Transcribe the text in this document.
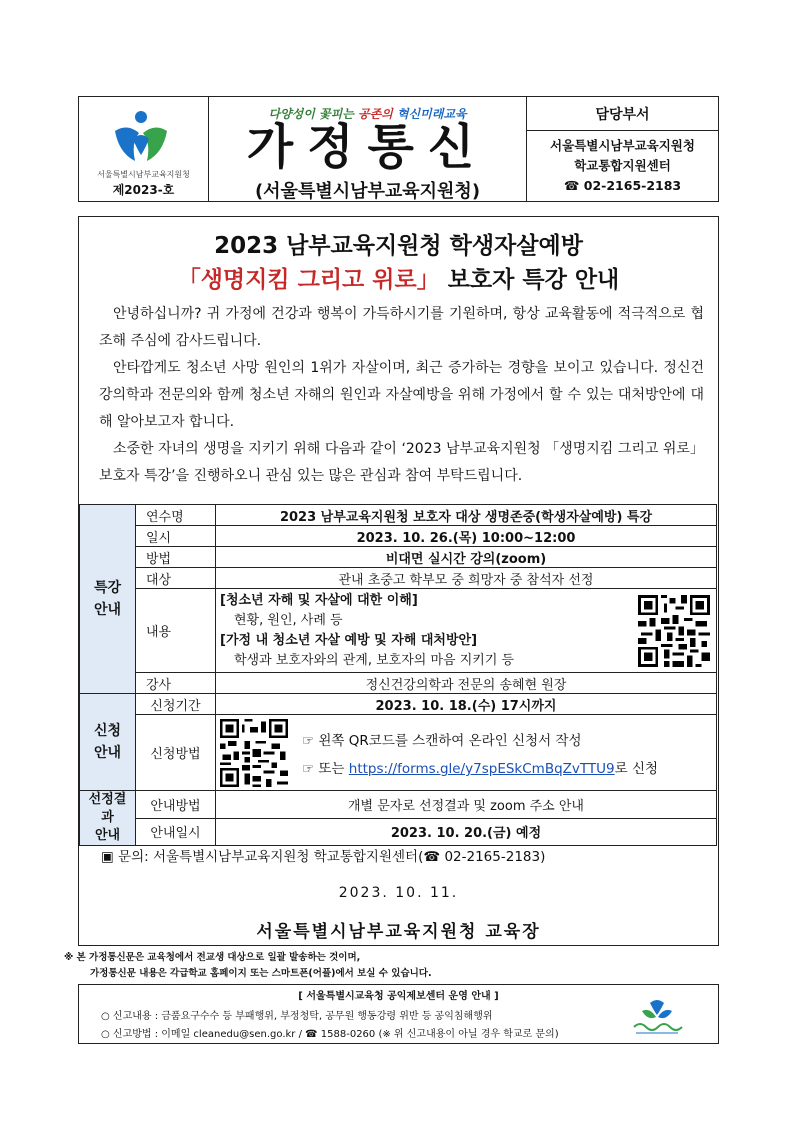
서울특별시남부교육지원청
제2023-호
다양성이 꽃피는 공존의 혁신미래교육
가정통신
(서울특별시남부교육지원청)
담당부서
서울특별시남부교육지원청
학교통합지원센터
☎ 02-2165-2183
2023 남부교육지원청 학생자살예방
「생명지킴 그리고 위로」 보호자 특강 안내

안녕하십니까? 귀 가정에 건강과 행복이 가득하시기를 기원하며, 항상 교육활동에 적극적으로 협조해 주심에 감사드립니다.

안타깝게도 청소년 사망 원인의 1위가 자살이며, 최근 증가하는 경향을 보이고 있습니다. 정신건강의학과 전문의와 함께 청소년 자해의 원인과 자살예방을 위해 가정에서 할 수 있는 대처방안에 대해 알아보고자 합니다.

소중한 자녀의 생명을 지키기 위해 다음과 같이 ‘2023 남부교육지원청 「생명지킴 그리고 위로」보호자 특강’을 진행하오니 관심 있는 많은 관심과 참여 부탁드립니다.

특강
안내	연수명	2023 남부교육지원청 보호자 대상 생명존중(학생자살예방) 특강
	일시	2023. 10. 26.(목) 10:00~12:00
	방법	비대면 실시간 강의(zoom)
	대상	관내 초중고 학부모 중 희망자 중 참석자 선정
	내용	[청소년 자해 및 자살에 대한 이해]
현황, 원인, 사례 등
[가정 내 청소년 자살 예방 및 자해 대처방안]
학생과 보호자와의 관계, 보호자의 마음 지키기 등

	강사	정신건강의학과 전문의 송혜현 원장
신청
안내	신청기간	2023. 10. 18.(수) 17시까지
	신청방법	☞ 왼쪽 QR코드를 스캔하여 온라인 신청서 작성
☞ 또는 https://forms.gle/y7spESkCmBqZvTTU9로 신청

선정결과
안내	안내방법	개별 문자로 선정결과 및 zoom 주소 안내
	안내일시	2023. 10. 20.(금) 예정
▣ 문의: 서울특별시남부교육지원청 학교통합지원센터(☎ 02-2165-2183)
2023. 10. 11.
서울특별시남부교육지원청 교육장
※ 본 가정통신문은 교육청에서 전교생 대상으로 일괄 발송하는 것이며,
가정통신문 내용은 각급학교 홈페이지 또는 스마트폰(어플)에서 보실 수 있습니다.
[ 서울특별시교육청 공익제보센터 운영 안내 ]
○ 신고내용 : 금품요구수수 등 부패행위, 부정청탁, 공무원 행동강령 위반 등 공익침해행위
○ 신고방법 : 이메일 cleanedu@sen.go.kr / ☎ 1588-0260 (※ 위 신고내용이 아닐 경우 학교로 문의)
